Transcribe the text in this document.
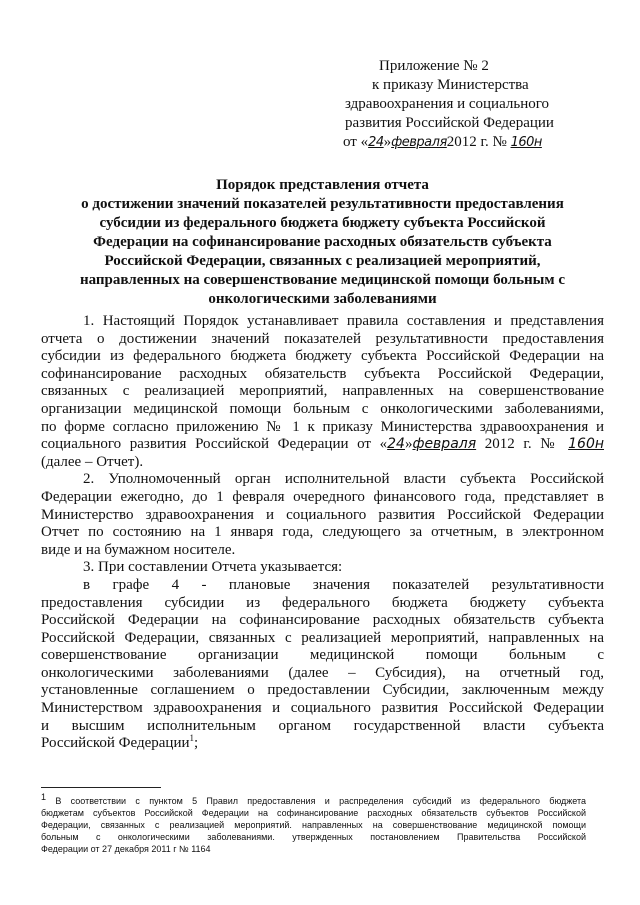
Приложение № 2
к приказу Министерства
здравоохранения и социального
развития Российской Федерации
от «24»февраля2012 г. № 160н
Порядок представления отчета
о достижении значений показателей результативности предоставления
субсидии из федерального бюджета бюджету субъекта Российской
Федерации на софинансирование расходных обязательств субъекта
Российской Федерации, связанных с реализацией мероприятий,
направленных на совершенствование медицинской помощи больным с
онкологическими заболеваниями
1. Настоящий Порядок устанавливает правила составления и представления
отчета о достижении значений показателей результативности предоставления
субсидии из федерального бюджета бюджету субъекта Российской Федерации на
софинансирование расходных обязательств субъекта Российской Федерации,
связанных с реализацией мероприятий, направленных на совершенствование
организации медицинской помощи больным с онкологическими заболеваниями,
по форме согласно приложению № 1 к приказу Министерства здравоохранения и
социального развития Российской Федерации от «24»февраля 2012 г. № 160н
(далее – Отчет).
2. Уполномоченный орган исполнительной власти субъекта Российской
Федерации ежегодно, до 1 февраля очередного финансового года, представляет в
Министерство здравоохранения и социального развития Российской Федерации
Отчет по состоянию на 1 января года, следующего за отчетным, в электронном
виде и на бумажном носителе.
3. При составлении Отчета указывается:
в графе 4 - плановые значения показателей результативности
предоставления субсидии из федерального бюджета бюджету субъекта
Российской Федерации на софинансирование расходных обязательств субъекта
Российской Федерации, связанных с реализацией мероприятий, направленных на
совершенствование организации медицинской помощи больным с
онкологическими заболеваниями (далее – Субсидия), на отчетный год,
установленные соглашением о предоставлении Субсидии, заключенным между
Министерством здравоохранения и социального развития Российской Федерации
и высшим исполнительным органом государственной власти субъекта
Российской Федерации$^1$;
$^1$ В соответствии с пунктом 5 Правил предоставления и распределения субсидий из федерального бюджета
бюджетам субъектов Российской Федерации на софинансирование расходных обязательств субъектов Российской
Федерации, связанных с реализацией мероприятий. направленных на совершенствование медицинской помощи
больным с онкологическими заболеваниями. утвержденных постановлением Правительства Российской
Федерации от 27 декабря 2011 г № 1164
